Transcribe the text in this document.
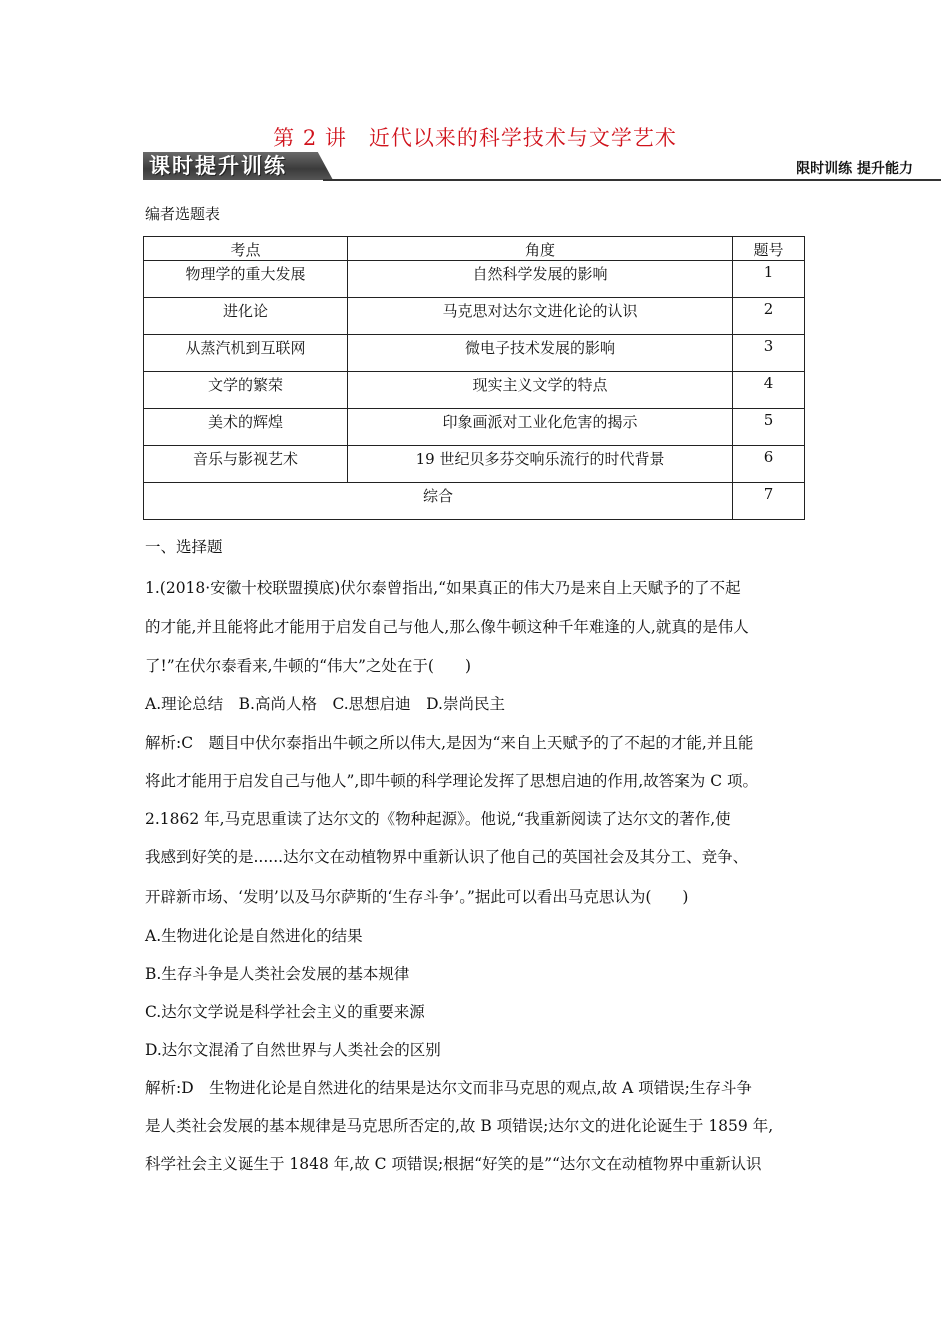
第 2 讲　近代以来的科学技术与文学艺术
课时提升训练	限时训练 提升能力
编者选题表
考点	角度	题号
物理学的重大发展	自然科学发展的影响	1
进化论	马克思对达尔文进化论的认识	2
从蒸汽机到互联网	微电子技术发展的影响	3
文学的繁荣	现实主义文学的特点	4
美术的辉煌	印象画派对工业化危害的揭示	5
音乐与影视艺术	19 世纪贝多芬交响乐流行的时代背景	6
综合		7
一、选择题
1.(2018·安徽十校联盟摸底)伏尔泰曾指出,“如果真正的伟大乃是来自上天赋予的了不起
的才能,并且能将此才能用于启发自己与他人,那么像牛顿这种千年难逢的人,就真的是伟人
了!”在伏尔泰看来,牛顿的“伟大”之处在于(　　)
A.理论总结　B.高尚人格　C.思想启迪　D.崇尚民主
解析:C　题目中伏尔泰指出牛顿之所以伟大,是因为“来自上天赋予的了不起的才能,并且能
将此才能用于启发自己与他人”,即牛顿的科学理论发挥了思想启迪的作用,故答案为 C 项。
2.1862 年,马克思重读了达尔文的《物种起源》。他说,“我重新阅读了达尔文的著作,使
我感到好笑的是......达尔文在动植物界中重新认识了他自己的英国社会及其分工、竞争、
开辟新市场、‘发明’以及马尔萨斯的‘生存斗争’。”据此可以看出马克思认为(　　)
A.生物进化论是自然进化的结果
B.生存斗争是人类社会发展的基本规律
C.达尔文学说是科学社会主义的重要来源
D.达尔文混淆了自然世界与人类社会的区别
解析:D　生物进化论是自然进化的结果是达尔文而非马克思的观点,故 A 项错误;生存斗争
是人类社会发展的基本规律是马克思所否定的,故 B 项错误;达尔文的进化论诞生于 1859 年,
科学社会主义诞生于 1848 年,故 C 项错误;根据“好笑的是”“达尔文在动植物界中重新认识
